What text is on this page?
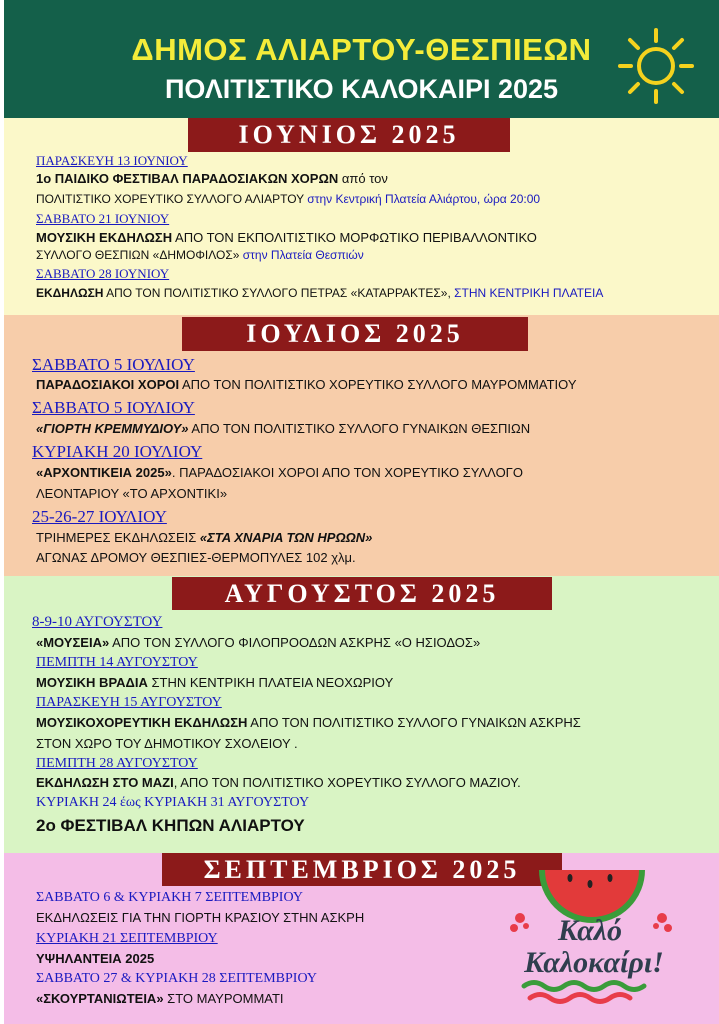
ΔΗΜΟΣ ΑΛΙΑΡΤΟΥ-ΘΕΣΠΙΕΩΝ
ΠΟΛΙΤΙΣΤΙΚΟ ΚΑΛΟΚΑΙΡΙ 2025
ΙΟΥΝΙΟΣ 2025
ΠΑΡΑΣΚΕΥΗ 13 ΙΟΥΝΙΟΥ
1ο ΠΑΙΔΙΚΟ ΦΕΣΤΙΒΑΛ ΠΑΡΑΔΟΣΙΑΚΩΝ ΧΟΡΩΝ από τον
ΠΟΛΙΤΙΣΤΙΚΟ ΧΟΡΕΥΤΙΚΟ ΣΥΛΛΟΓΟ ΑΛΙΑΡΤΟΥ στην Κεντρική Πλατεία Αλιάρτου, ώρα 20:00
ΣΑΒΒΑΤΟ 21 ΙΟΥΝΙΟΥ
ΜΟΥΣΙΚΗ ΕΚΔΗΛΩΣΗ ΑΠΟ ΤΟΝ ΕΚΠΟΛΙΤΙΣΤΙΚΟ ΜΟΡΦΩΤΙΚΟ ΠΕΡΙΒΑΛΛΟΝΤΙΚΟ
ΣΥΛΛΟΓΟ ΘΕΣΠΙΩΝ «ΔΗΜΟΦΙΛΟΣ» στην Πλατεία Θεσπιών
ΣΑΒΒΑΤΟ 28 ΙΟΥΝΙΟΥ
ΕΚΔΗΛΩΣΗ ΑΠΟ ΤΟΝ ΠΟΛΙΤΙΣΤΙΚΟ ΣΥΛΛΟΓΟ ΠΕΤΡΑΣ «ΚΑΤΑΡΡΑΚΤΕΣ», ΣΤΗΝ ΚΕΝΤΡΙΚΗ ΠΛΑΤΕΙΑ
ΙΟΥΛΙΟΣ 2025
ΣΑΒΒΑΤΟ 5 ΙΟΥΛΙΟΥ
ΠΑΡΑΔΟΣΙΑΚΟΙ ΧΟΡΟΙ ΑΠΟ ΤΟΝ ΠΟΛΙΤΙΣΤΙΚΟ ΧΟΡΕΥΤΙΚΟ ΣΥΛΛΟΓΟ ΜΑΥΡΟΜΜΑΤΙΟΥ
ΣΑΒΒΑΤΟ 5 ΙΟΥΛΙΟΥ
«ΓΙΟΡΤΗ ΚΡΕΜΜΥΔΙΟΥ» ΑΠΟ ΤΟΝ ΠΟΛΙΤΙΣΤΙΚΟ ΣΥΛΛΟΓΟ ΓΥΝΑΙΚΩΝ ΘΕΣΠΙΩΝ
ΚΥΡΙΑΚΗ 20 ΙΟΥΛΙΟΥ
«ΑΡΧΟΝΤΙΚΕΙΑ 2025». ΠΑΡΑΔΟΣΙΑΚΟΙ ΧΟΡΟΙ ΑΠΟ ΤΟΝ ΧΟΡΕΥΤΙΚΟ ΣΥΛΛΟΓΟ
ΛΕΟΝΤΑΡΙΟΥ «ΤΟ ΑΡΧΟΝΤΙΚΙ»
25-26-27 ΙΟΥΛΙΟΥ
ΤΡΙΗΜΕΡΕΣ ΕΚΔΗΛΩΣΕΙΣ «ΣΤΑ ΧΝΑΡΙΑ ΤΩΝ ΗΡΩΩΝ»
ΑΓΩΝΑΣ ΔΡΟΜΟΥ ΘΕΣΠΙΕΣ-ΘΕΡΜΟΠΥΛΕΣ 102 χλμ.
ΑΥΓΟΥΣΤΟΣ 2025
8-9-10 ΑΥΓΟΥΣΤΟΥ
«ΜΟΥΣΕΙΑ» ΑΠΟ ΤΟΝ ΣΥΛΛΟΓΟ ΦΙΛΟΠΡΟΟΔΩΝ ΑΣΚΡΗΣ «Ο ΗΣΙΟΔΟΣ»
ΠΕΜΠΤΗ 14 ΑΥΓΟΥΣΤΟΥ
ΜΟΥΣΙΚΗ ΒΡΑΔΙΑ ΣΤΗΝ ΚΕΝΤΡΙΚΗ ΠΛΑΤΕΙΑ ΝΕΟΧΩΡΙΟΥ
ΠΑΡΑΣΚΕΥΗ 15 ΑΥΓΟΥΣΤΟΥ
ΜΟΥΣΙΚΟΧΟΡΕΥΤΙΚΗ ΕΚΔΗΛΩΣΗ ΑΠΟ ΤΟΝ ΠΟΛΙΤΙΣΤΙΚΟ ΣΥΛΛΟΓΟ ΓΥΝΑΙΚΩΝ ΑΣΚΡΗΣ
ΣΤΟΝ ΧΩΡΟ ΤΟΥ ΔΗΜΟΤΙΚΟΥ ΣΧΟΛΕΙΟΥ .
ΠΕΜΠΤΗ 28 ΑΥΓΟΥΣΤΟΥ
ΕΚΔΗΛΩΣΗ ΣΤΟ ΜΑΖΙ, ΑΠΟ ΤΟΝ ΠΟΛΙΤΙΣΤΙΚΟ ΧΟΡΕΥΤΙΚΟ ΣΥΛΛΟΓΟ ΜΑΖΙΟΥ.
ΚΥΡΙΑΚΗ 24 έως ΚΥΡΙΑΚΗ 31 ΑΥΓΟΥΣΤΟΥ
2ο ΦΕΣΤΙΒΑΛ ΚΗΠΩΝ ΑΛΙΑΡΤΟΥ
ΣΕΠΤΕΜΒΡΙΟΣ 2025
ΣΑΒΒΑΤΟ 6 & ΚΥΡΙΑΚΗ 7 ΣΕΠΤΕΜΒΡΙΟΥ
ΕΚΔΗΛΩΣΕΙΣ ΓΙΑ ΤΗΝ ΓΙΟΡΤΗ ΚΡΑΣΙΟΥ ΣΤΗΝ ΑΣΚΡΗ
ΚΥΡΙΑΚΗ 21 ΣΕΠΤΕΜΒΡΙΟΥ
ΥΨΗΛΑΝΤΕΙΑ 2025
ΣΑΒΒΑΤΟ 27 & ΚΥΡΙΑΚΗ 28 ΣΕΠΤΕΜΒΡΙΟΥ
«ΣΚΟΥΡΤΑΝΙΩΤΕΙΑ» ΣΤΟ ΜΑΥΡΟΜΜΑΤΙ
Καλό
Καλοκαίρι!
